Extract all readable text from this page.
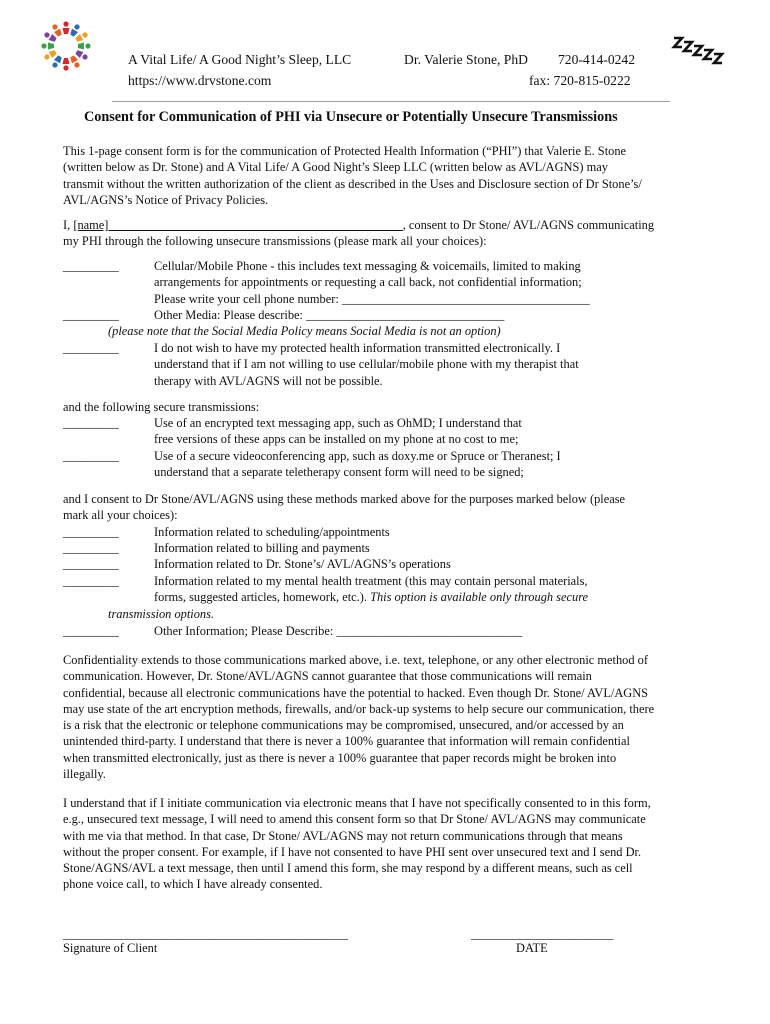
A Vital Life/ A Good Night’s Sleep, LLC
https://www.drvstone.com
Dr. Valerie Stone, PhD 720-414-0242
fax: 720-815-0222
Consent for Communication of PHI via Unsecure or Potentially Unsecure Transmissions
This 1-page consent form is for the communication of Protected Health Information (“PHI”) that Valerie E. Stone
(written below as Dr. Stone) and A Vital Life/ A Good Night’s Sleep LLC (written below as AVL/AGNS) may
transmit without the written authorization of the client as described in the Uses and Disclosure section of Dr Stone’s/
AVL/AGNS’s Notice of Privacy Policies.
I, [name] _______________________________________________, consent to Dr Stone/ AVL/AGNS communicating
my PHI through the following unsecure transmissions (please mark all your choices):
_________	Cellular/Mobile Phone - this includes text messaging & voicemails, limited to making
arrangements for appointments or requesting a call back, not confidential information;
Please write your cell phone number: ________________________________________
_________	Other Media: Please describe: ________________________________
(please note that the Social Media Policy means Social Media is not an option)
_________	I do not wish to have my protected health information transmitted electronically. I
understand that if I am not willing to use cellular/mobile phone with my therapist that
therapy with AVL/AGNS will not be possible.
and the following secure transmissions:
_________	Use of an encrypted text messaging app, such as OhMD; I understand that
free versions of these apps can be installed on my phone at no cost to me;
_________	Use of a secure videoconferencing app, such as doxy.me or Spruce or Theranest; I
understand that a separate teletherapy consent form will need to be signed;
and I consent to Dr Stone/AVL/AGNS using these methods marked above for the purposes marked below (please
mark all your choices):
_________	Information related to scheduling/appointments
_________	Information related to billing and payments
_________	Information related to Dr. Stone’s/ AVL/AGNS’s operations
_________	Information related to my mental health treatment (this may contain personal materials,
forms, suggested articles, homework, etc.). This option is available only through secure
transmission options.
_________	Other Information; Please Describe: ______________________________
Confidentiality extends to those communications marked above, i.e. text, telephone, or any other electronic method of
communication. However, Dr. Stone/AVL/AGNS cannot guarantee that those communications will remain
confidential, because all electronic communications have the potential to hacked. Even though Dr. Stone/ AVL/AGNS
may use state of the art encryption methods, firewalls, and/or back-up systems to help secure our communication, there
is a risk that the electronic or telephone communications may be compromised, unsecured, and/or accessed by an
unintended third-party. I understand that there is never a 100% guarantee that information will remain confidential
when transmitted electronically, just as there is never a 100% guarantee that paper records might be broken into
illegally.
I understand that if I initiate communication via electronic means that I have not specifically consented to in this form,
e.g., unsecured text message, I will need to amend this consent form so that Dr Stone/ AVL/AGNS may communicate
with me via that method. In that case, Dr Stone/ AVL/AGNS may not return communications through that means
without the proper consent. For example, if I have not consented to have PHI sent over unsecured text and I send Dr.
Stone/AGNS/AVL a text message, then until I amend this form, she may respond by a different means, such as cell
phone voice call, to which I have already consented.
______________________________________________
Signature of Client
_______________________
DATE
